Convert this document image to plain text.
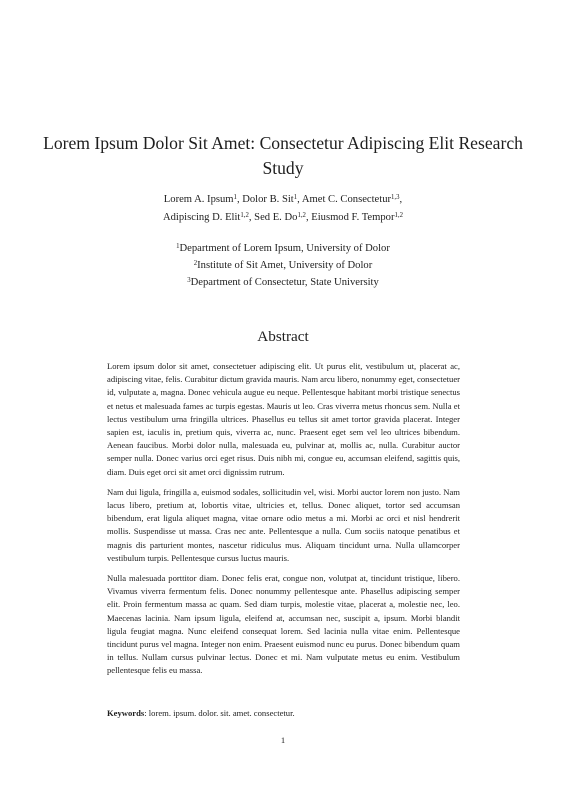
Lorem Ipsum Dolor Sit Amet: Consectetur Adipiscing Elit Research Study
Lorem A. Ipsum$^1$, Dolor B. Sit$^1$, Amet C. Consectetur$^{1,3}$,
Adipiscing D. Elit$^{1,2}$, Sed E. Do$^{1,2}$, Eiusmod F. Tempor$^{1,2}$
$^1$Department of Lorem Ipsum, University of Dolor
$^2$Institute of Sit Amet, University of Dolor
$^3$Department of Consectetur, State University
Abstract

Lorem ipsum dolor sit amet, consectetuer adipiscing elit. Ut purus elit, vestibulum ut, placerat ac, adipiscing vitae, felis. Curabitur dictum gravida mauris. Nam arcu libero, nonummy eget, consectetuer id, vulputate a, magna. Donec vehicula augue eu neque. Pellentesque habitant morbi tristique senectus et netus et malesuada fames ac turpis egestas. Mauris ut leo. Cras viverra metus rhoncus sem. Nulla et lectus vestibulum urna fringilla ultrices. Phasellus eu tellus sit amet tortor gravida placerat. Integer sapien est, iaculis in, pretium quis, viverra ac, nunc. Praesent eget sem vel leo ultrices bibendum. Aenean faucibus. Morbi dolor nulla, malesuada eu, pulvinar at, mollis ac, nulla. Curabitur auctor semper nulla. Donec varius orci eget risus. Duis nibh mi, congue eu, accumsan eleifend, sagittis quis, diam. Duis eget orci sit amet orci dignissim rutrum.

Nam dui ligula, fringilla a, euismod sodales, sollicitudin vel, wisi. Morbi auctor lorem non justo. Nam lacus libero, pretium at, lobortis vitae, ultricies et, tellus. Donec aliquet, tortor sed accumsan bibendum, erat ligula aliquet magna, vitae ornare odio metus a mi. Morbi ac orci et nisl hendrerit mollis. Suspendisse ut massa. Cras nec ante. Pellentesque a nulla. Cum sociis natoque penatibus et magnis dis parturient montes, nascetur ridiculus mus. Aliquam tincidunt urna. Nulla ullamcorper vestibulum turpis. Pellentesque cursus luctus mauris.

Nulla malesuada porttitor diam. Donec felis erat, congue non, volutpat at, tincidunt tristique, libero. Vivamus viverra fermentum felis. Donec nonummy pellentesque ante. Phasellus adipiscing semper elit. Proin fermentum massa ac quam. Sed diam turpis, molestie vitae, placerat a, molestie nec, leo. Maecenas lacinia. Nam ipsum ligula, eleifend at, accumsan nec, suscipit a, ipsum. Morbi blandit ligula feugiat magna. Nunc eleifend consequat lorem. Sed lacinia nulla vitae enim. Pellentesque tincidunt purus vel magna. Integer non enim. Praesent euismod nunc eu purus. Donec bibendum quam in tellus. Nullam cursus pulvinar lectus. Donec et mi. Nam vulputate metus eu enim. Vestibulum pellentesque felis eu massa.

Keywords: lorem. ipsum. dolor. sit. amet. consectetur.
1
